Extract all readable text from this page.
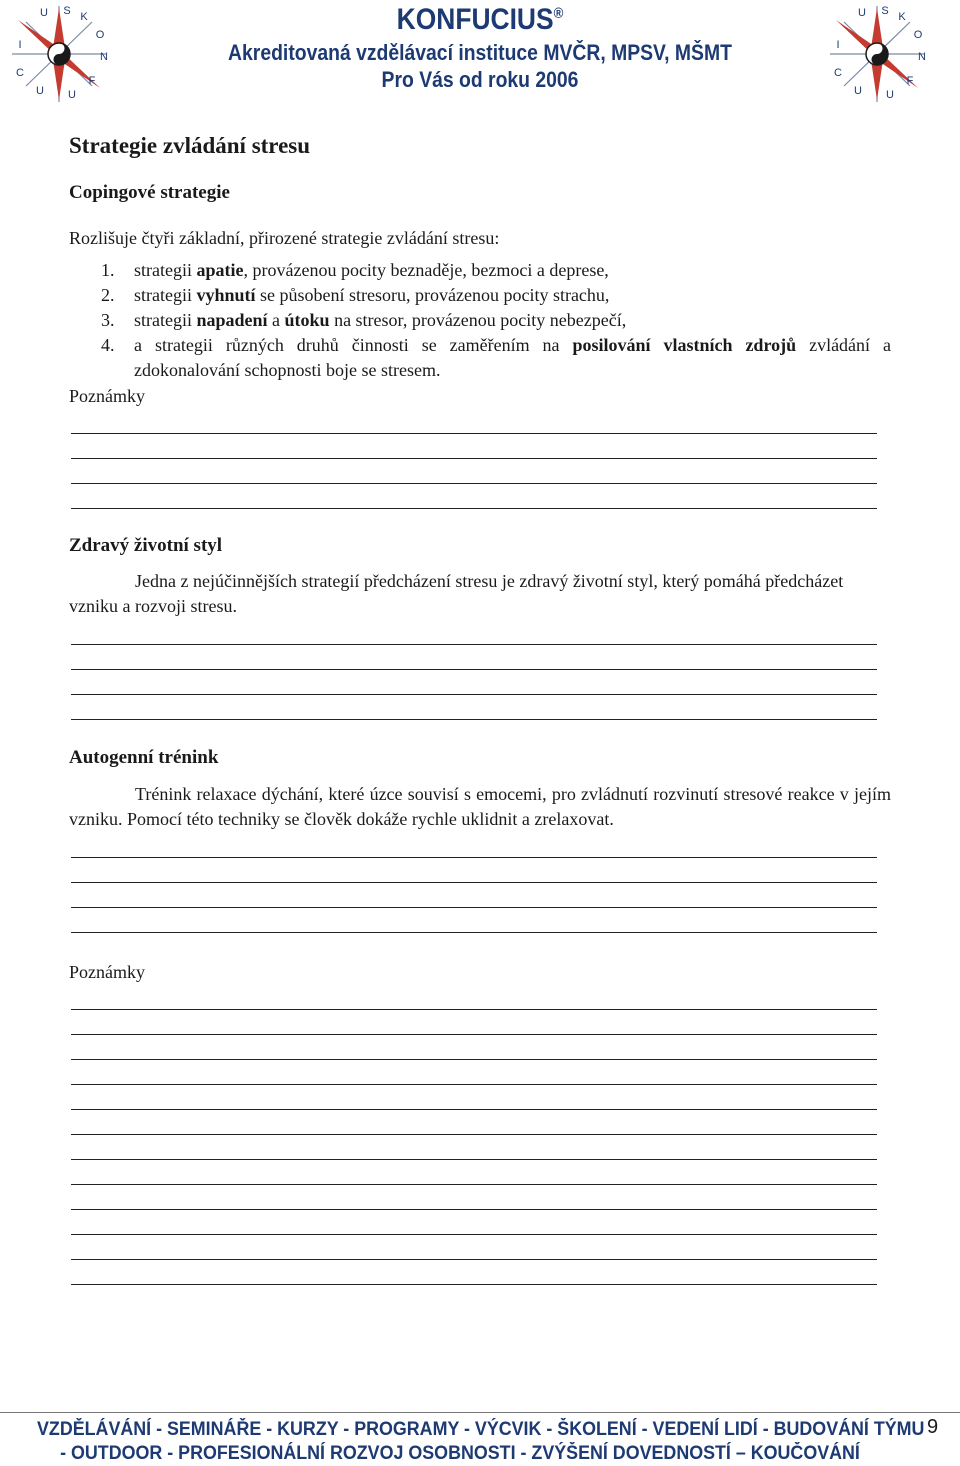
U S K
O
I
N
C
F
U U
KONFUCIUS®
Akreditovaná vzdělávací instituce MVČR, MPSV, MŠMT
Pro Vás od roku 2006
U S K
O
I
N
C
F
U U
Strategie zvládání stresu
Copingové strategie

Rozlišuje čtyři základní, přirozené strategie zvládání stresu:

1. strategii apatie, provázenou pocity beznaděje, bezmoci a deprese,
2. strategii vyhnutí se působení stresoru, provázenou pocity strachu,
3. strategii napadení a útoku na stresor, provázenou pocity nebezpečí,
4. a strategii různých druhů činnosti se zaměřením na posilování vlastních zdrojů zvládání a zdokonalování schopnosti boje se stresem.

Poznámky

Zdravý životní styl

Jedna z nejúčinnějších strategií předcházení stresu je zdravý životní styl, který pomáhá předcházet vzniku a rozvoji stresu.

Autogenní trénink

Trénink relaxace dýchání, které úzce souvisí s emocemi, pro zvládnutí rozvinutí stresové reakce v jejím vzniku. Pomocí této techniky se člověk dokáže rychle uklidnit a zrelaxovat.

Poznámky

VZDĚLÁVÁNÍ - SEMINÁŘE - KURZY - PROGRAMY - VÝCVIK - ŠKOLENÍ - VEDENÍ LIDÍ - BUDOVÁNÍ TÝMU
- OUTDOOR - PROFESIONÁLNÍ ROZVOJ OSOBNOSTI - ZVÝŠENÍ DOVEDNOSTÍ – KOUČOVÁNÍ
9
